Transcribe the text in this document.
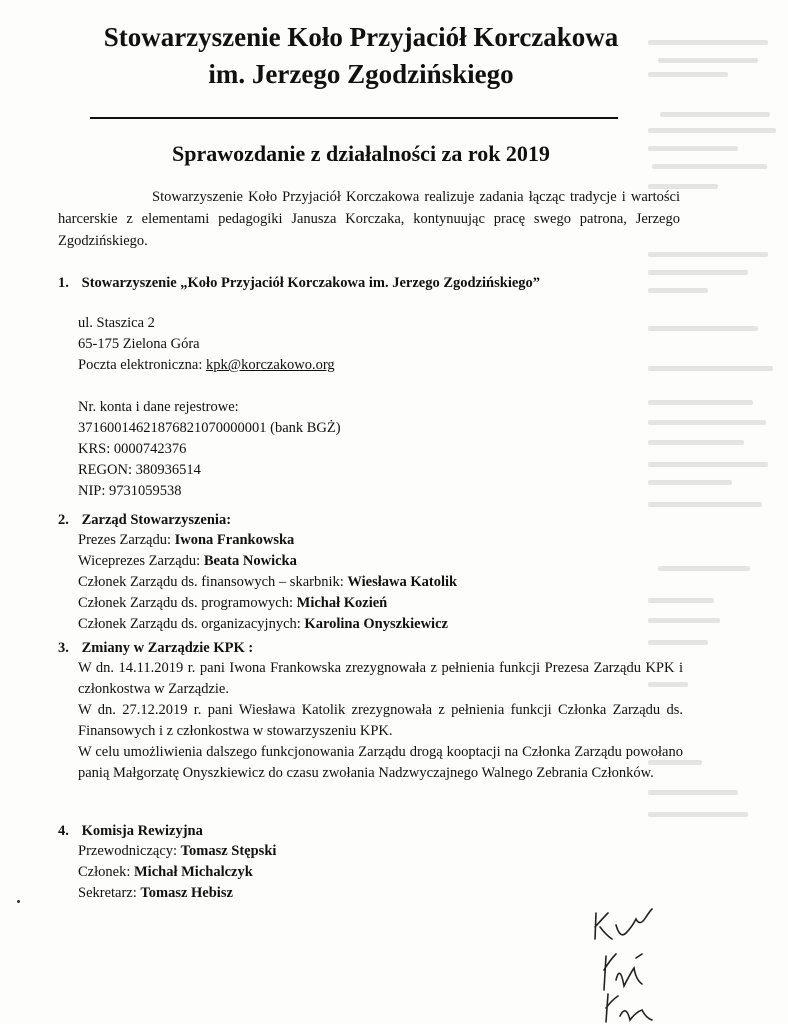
Stowarzyszenie Koło Przyjaciół Korczakowa
im. Jerzego Zgodzińskiego
Sprawozdanie z działalności za rok 2019

Stowarzyszenie Koło Przyjaciół Korczakowa realizuje zadania łącząc tradycje i wartości harcerskie z elementami pedagogiki Janusza Korczaka, kontynuując pracę swego patrona, Jerzego Zgodzińskiego.

1. Stowarzyszenie „Koło Przyjaciół Korczakowa im. Jerzego Zgodzińskiego”

ul. Staszica 2

65-175 Zielona Góra

Poczta elektroniczna: kpk@korczakowo.org

Nr. konta i dane rejestrowe:

37160014621876821070000001 (bank BGŻ)

KRS: 0000742376

REGON: 380936514

NIP: 9731059538

2. Zarząd Stowarzyszenia:

Prezes Zarządu: Iwona Frankowska

Wiceprezes Zarządu: Beata Nowicka

Członek Zarządu ds. finansowych – skarbnik: Wiesława Katolik

Członek Zarządu ds. programowych: Michał Kozień

Członek Zarządu ds. organizacyjnych: Karolina Onyszkiewicz

3. Zmiany w Zarządzie KPK :

W dn. 14.11.2019 r. pani Iwona Frankowska zrezygnowała z pełnienia funkcji Prezesa Zarządu KPK i członkostwa w Zarządzie.

W dn. 27.12.2019 r. pani Wiesława Katolik zrezygnowała z pełnienia funkcji Członka Zarządu ds. Finansowych i z członkostwa w stowarzyszeniu KPK.

W celu umożliwienia dalszego funkcjonowania Zarządu drogą kooptacji na Członka Zarządu powołano panią Małgorzatę Onyszkiewicz do czasu zwołania Nadzwyczajnego Walnego Zebrania Członków.

4. Komisja Rewizyjna

Przewodniczący: Tomasz Stępski

Członek: Michał Michalczyk

Sekretarz: Tomasz Hebisz
